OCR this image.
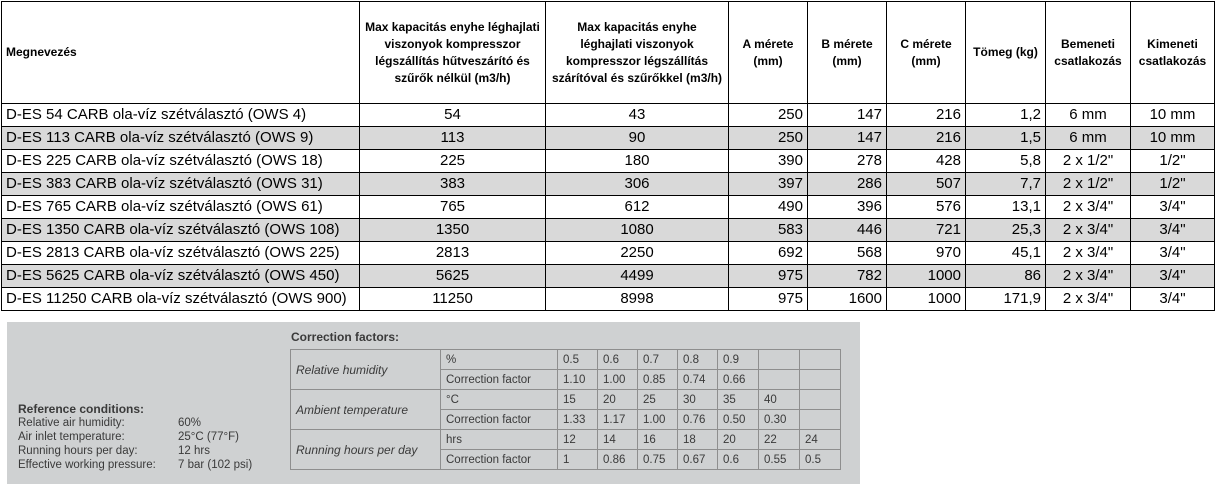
Megnevezés	Max kapacitás enyhe léghajlati viszonyok kompresszor légszállítás hűtveszárító és szűrők nélkül (m3/h)	Max kapacitás enyhe léghajlati viszonyok kompresszor légszállítás szárítóval és szűrőkkel (m3/h)	A mérete (mm)	B mérete (mm)	C mérete (mm)	Tömeg (kg)	Bemeneti csatlakozás	Kimeneti csatlakozás
D-ES 54 CARB ola-víz szétválasztó (OWS 4)	54	43	250	147	216	1,2	6 mm	10 mm
D-ES 113 CARB ola-víz szétválasztó (OWS 9)	113	90	250	147	216	1,5	6 mm	10 mm
D-ES 225 CARB ola-víz szétválasztó (OWS 18)	225	180	390	278	428	5,8	2 x 1/2"	1/2"
D-ES 383 CARB ola-víz szétválasztó (OWS 31)	383	306	397	286	507	7,7	2 x 1/2"	1/2"
D-ES 765 CARB ola-víz szétválasztó (OWS 61)	765	612	490	396	576	13,1	2 x 3/4"	3/4"
D-ES 1350 CARB ola-víz szétválasztó (OWS 108)	1350	1080	583	446	721	25,3	2 x 3/4"	3/4"
D-ES 2813 CARB ola-víz szétválasztó (OWS 225)	2813	2250	692	568	970	45,1	2 x 3/4"	3/4"
D-ES 5625 CARB ola-víz szétválasztó (OWS 450)	5625	4499	975	782	1000	86	2 x 3/4"	3/4"
D-ES 11250 CARB ola-víz szétválasztó (OWS 900)	11250	8998	975	1600	1000	171,9	2 x 3/4"	3/4"
Correction factors:
Reference conditions:
Relative air humidity:	60%
Air inlet temperature:	25°C (77°F)
Running hours per day:	12 hrs
Effective working pressure: 7 bar (102 psi)
Relative humidity	%	0.5	0.6	0.7	0.8	0.9		
	Correction factor	1.10	1.00	0.85	0.74	0.66		
Ambient temperature	°C	15	20	25	30	35	40	
	Correction factor	1.33	1.17	1.00	0.76	0.50	0.30	
Running hours per day	hrs	12	14	16	18	20	22	24
	Correction factor	1	0.86	0.75	0.67	0.6	0.55	0.5
